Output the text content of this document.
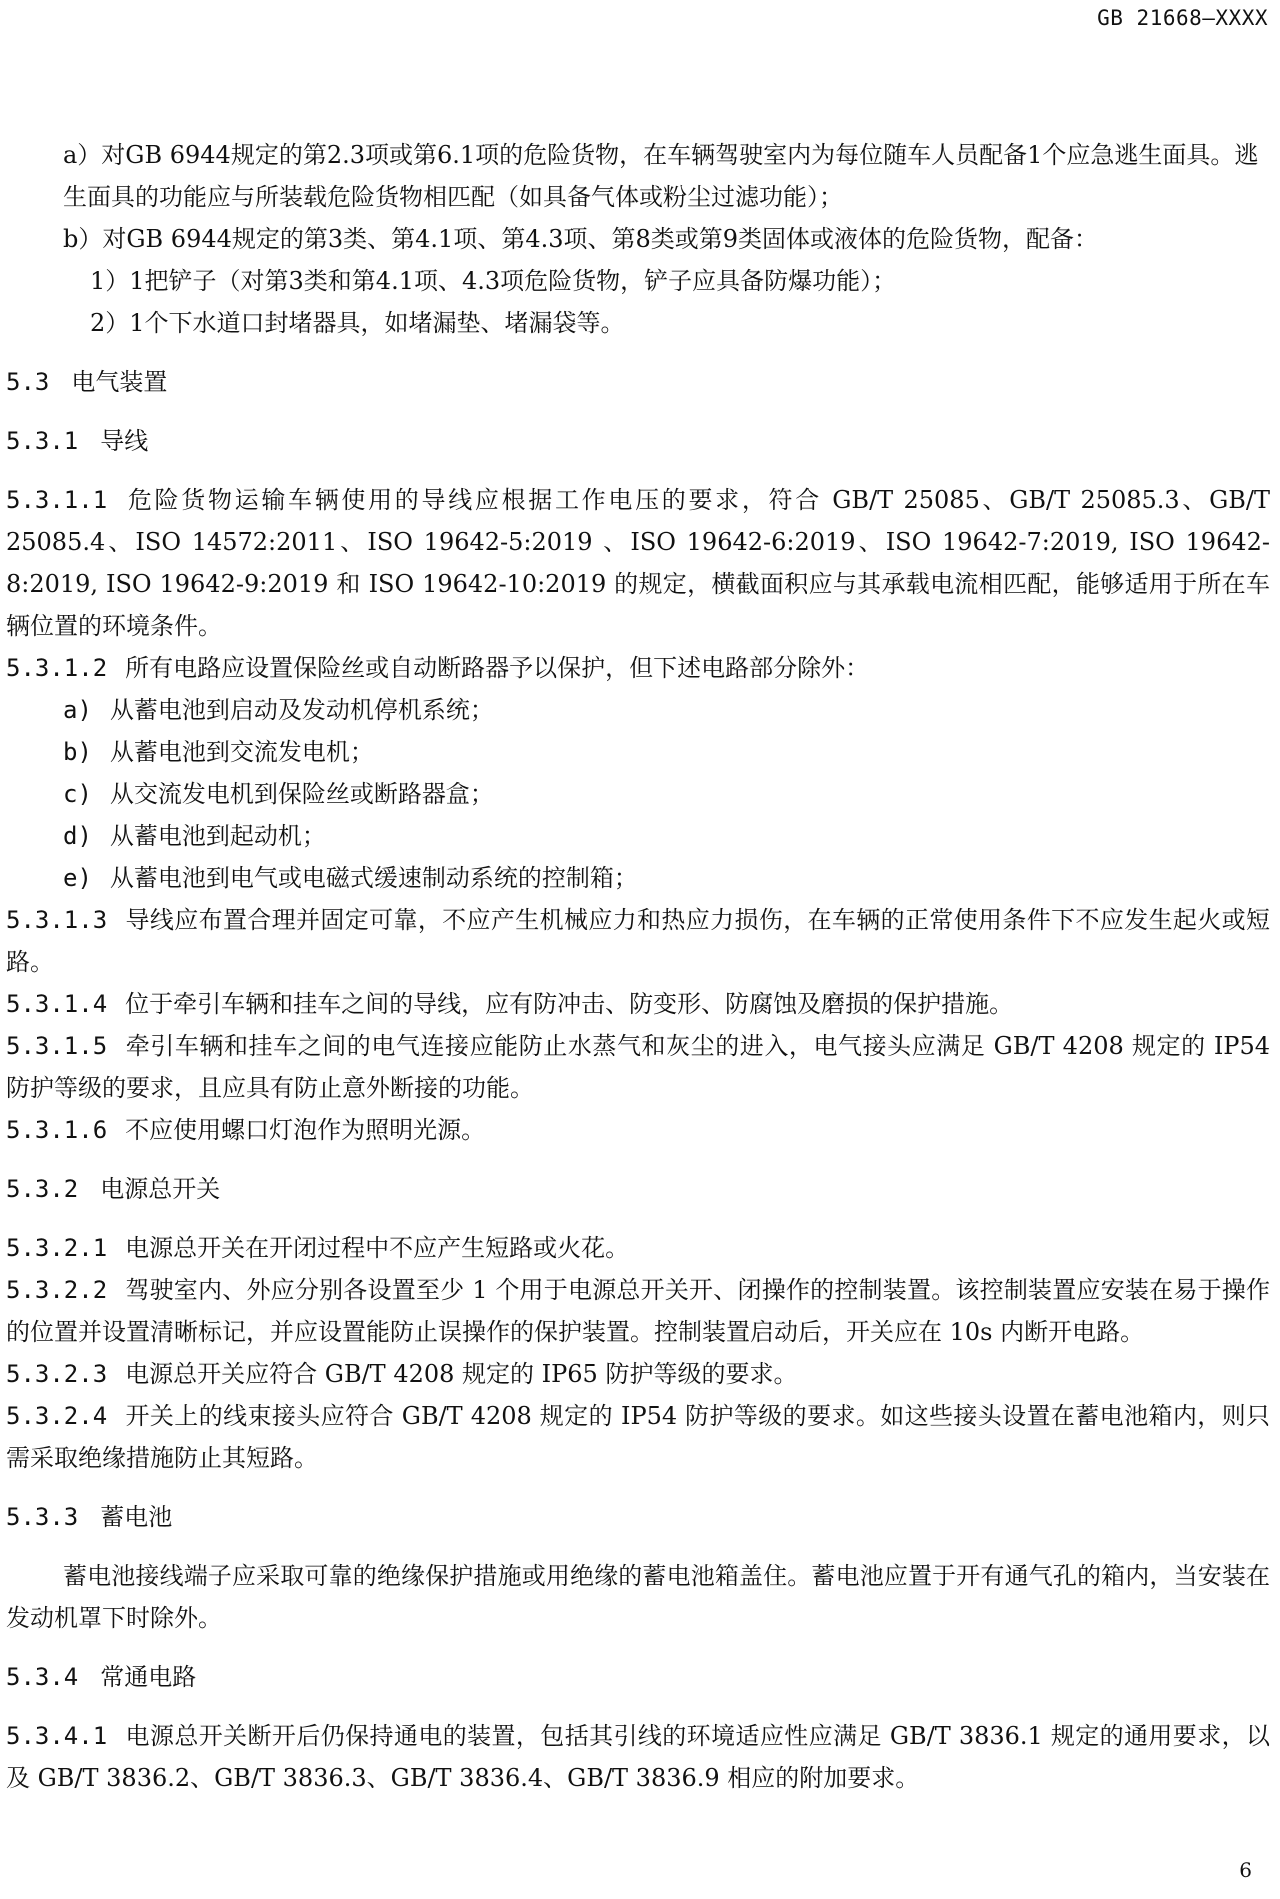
GB 21668—XXXX

a）对GB 6944规定的第2.3项或第6.1项的危险货物，在车辆驾驶室内为每位随车人员配备1个应急逃生面具。逃生面具的功能应与所装载危险货物相匹配（如具备气体或粉尘过滤功能）；

b）对GB 6944规定的第3类、第4.1项、第4.3项、第8类或第9类固体或液体的危险货物，配备：

1）1把铲子（对第3类和第4.1项、4.3项危险货物，铲子应具备防爆功能）；

2）1个下水道口封堵器具，如堵漏垫、堵漏袋等。

5.3 电气装置

5.3.1 导线

5.3.1.1 危险货物运输车辆使用的导线应根据工作电压的要求，符合 GB/T 25085、GB/T 25085.3、GB/T 25085.4、ISO 14572:2011、ISO 19642-5:2019 、ISO 19642-6:2019、ISO 19642-7:2019, ISO 19642-8:2019, ISO 19642-9:2019 和 ISO 19642-10:2019 的规定，横截面积应与其承载电流相匹配，能够适用于所在车辆位置的环境条件。

5.3.1.2 所有电路应设置保险丝或自动断路器予以保护，但下述电路部分除外：

a) 从蓄电池到启动及发动机停机系统；

b) 从蓄电池到交流发电机；

c) 从交流发电机到保险丝或断路器盒；

d) 从蓄电池到起动机；

e) 从蓄电池到电气或电磁式缓速制动系统的控制箱；

5.3.1.3 导线应布置合理并固定可靠，不应产生机械应力和热应力损伤，在车辆的正常使用条件下不应发生起火或短路。

5.3.1.4 位于牵引车辆和挂车之间的导线，应有防冲击、防变形、防腐蚀及磨损的保护措施。

5.3.1.5 牵引车辆和挂车之间的电气连接应能防止水蒸气和灰尘的进入，电气接头应满足 GB/T 4208 规定的 IP54 防护等级的要求，且应具有防止意外断接的功能。

5.3.1.6 不应使用螺口灯泡作为照明光源。

5.3.2 电源总开关

5.3.2.1 电源总开关在开闭过程中不应产生短路或火花。

5.3.2.2 驾驶室内、外应分别各设置至少 1 个用于电源总开关开、闭操作的控制装置。该控制装置应安装在易于操作的位置并设置清晰标记，并应设置能防止误操作的保护装置。控制装置启动后，开关应在 10s 内断开电路。

5.3.2.3 电源总开关应符合 GB/T 4208 规定的 IP65 防护等级的要求。

5.3.2.4 开关上的线束接头应符合 GB/T 4208 规定的 IP54 防护等级的要求。如这些接头设置在蓄电池箱内，则只需采取绝缘措施防止其短路。

5.3.3 蓄电池

蓄电池接线端子应采取可靠的绝缘保护措施或用绝缘的蓄电池箱盖住。蓄电池应置于开有通气孔的箱内，当安装在发动机罩下时除外。

5.3.4 常通电路

5.3.4.1 电源总开关断开后仍保持通电的装置，包括其引线的环境适应性应满足 GB/T 3836.1 规定的通用要求，以及 GB/T 3836.2、GB/T 3836.3、GB/T 3836.4、GB/T 3836.9 相应的附加要求。

6
